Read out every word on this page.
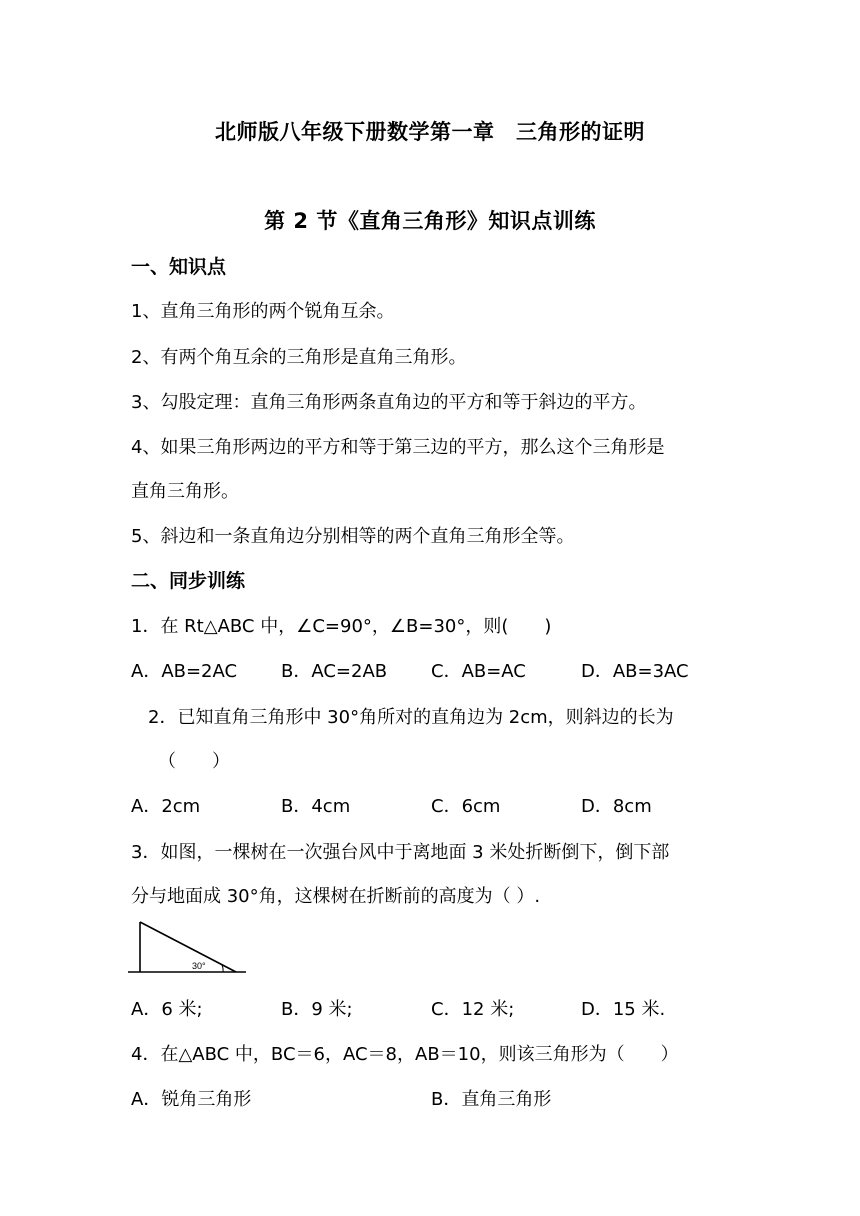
北师版八年级下册数学第一章　三角形的证明
第 2 节《直角三角形》知识点训练
一、知识点
1、直角三角形的两个锐角互余。
2、有两个角互余的三角形是直角三角形。
3、勾股定理：直角三角形两条直角边的平方和等于斜边的平方。
4、如果三角形两边的平方和等于第三边的平方，那么这个三角形是
直角三角形。
5、斜边和一条直角边分别相等的两个直角三角形全等。
二、同步训练
1．在 Rt△ABC 中，∠C=90°，∠B=30°，则(　　)
A．AB=2AC B．AC=2AB C．AB=AC	D．AB=3AC
2．已知直角三角形中 30°角所对的直角边为 2cm，则斜边的长为
（　　）
A．2cm	B．4cm	C．6cm	D．8cm
3．如图，一棵树在一次强台风中于离地面 3 米处折断倒下，倒下部
分与地面成 30°角，这棵树在折断前的高度为（ ）.
30°
A．6 米;	B．9 米;	C．12 米;	D．15 米.
4．在△ABC 中，BC＝6，AC＝8，AB＝10，则该三角形为（　　）
A．锐角三角形	B．直角三角形
